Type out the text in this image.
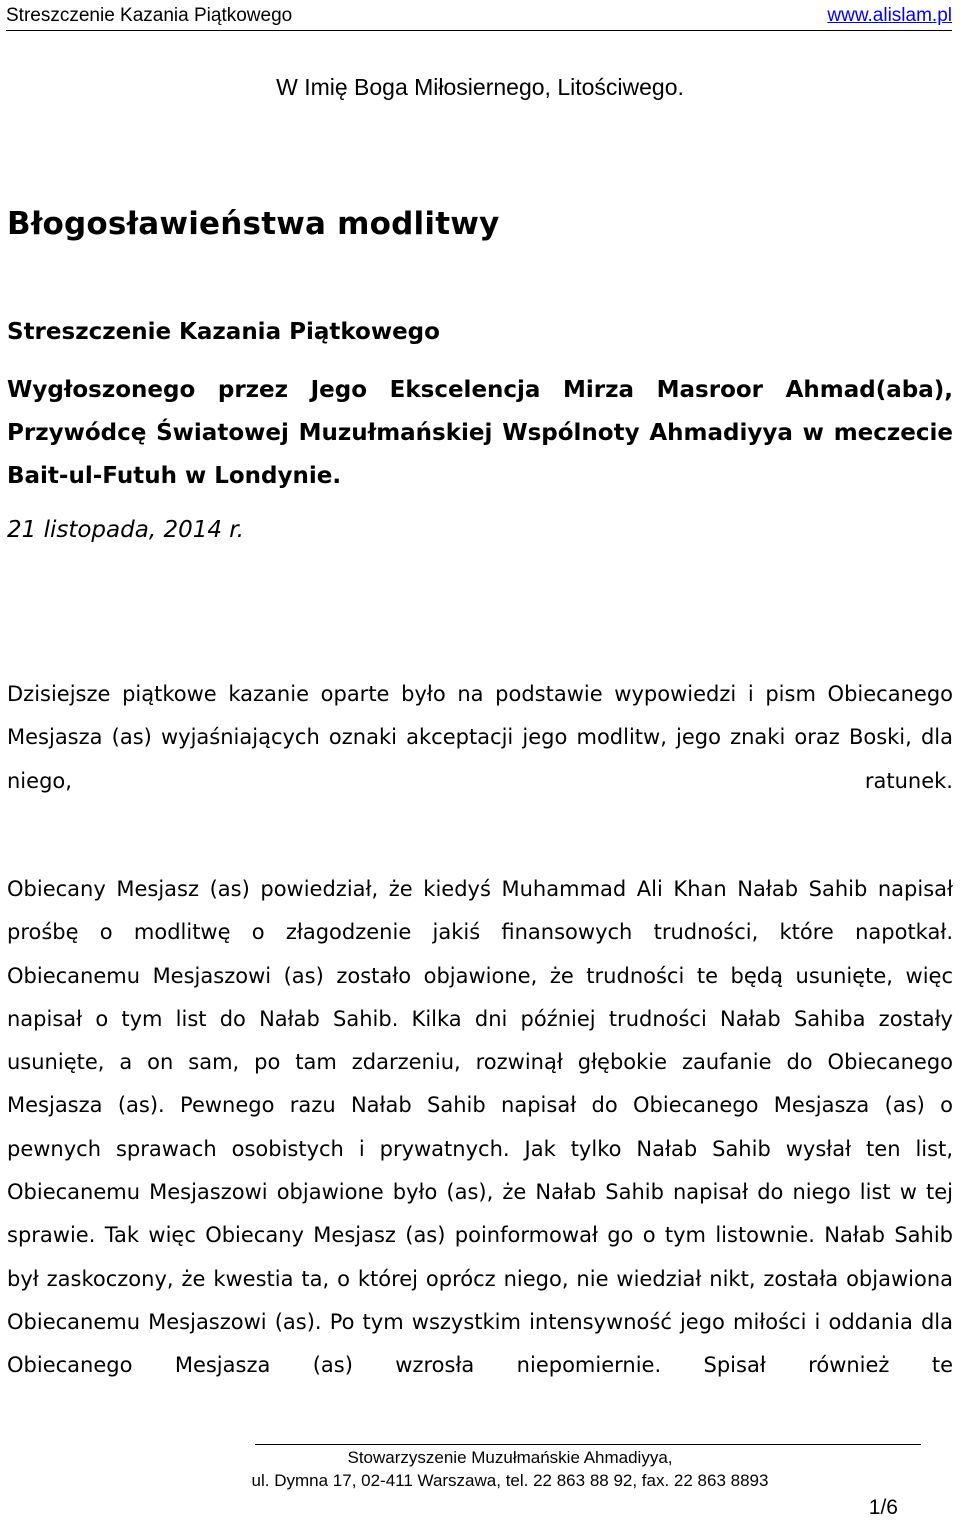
Streszczenie Kazania Piątkowego	www.alislam.pl
W Imię Boga Miłosiernego, Litościwego.
Błogosławieństwa modlitwy
Streszczenie Kazania Piątkowego
Wygłoszonego przez Jego Ekscelencja Mirza Masroor Ahmad(aba), Przywódcę Światowej Muzułmańskiej Wspólnoty Ahmadiyya w meczecie Bait-ul-Futuh w Londynie.
21 listopada, 2014 r.
Dzisiejsze piątkowe kazanie oparte było na podstawie wypowiedzi i pism Obiecanego Mesjasza (as) wyjaśniających oznaki akceptacji jego modlitw, jego znaki oraz Boski, dla niego, ratunek.
Obiecany Mesjasz (as) powiedział, że kiedyś Muhammad Ali Khan Nałab Sahib napisał prośbę o modlitwę o złagodzenie jakiś finansowych trudności, które napotkał. Obiecanemu Mesjaszowi (as) zostało objawione, że trudności te będą usunięte, więc napisał o tym list do Nałab Sahib. Kilka dni później trudności Nałab Sahiba zostały usunięte, a on sam, po tam zdarzeniu, rozwinął głębokie zaufanie do Obiecanego Mesjasza (as). Pewnego razu Nałab Sahib napisał do Obiecanego Mesjasza (as) o pewnych sprawach osobistych i prywatnych. Jak tylko Nałab Sahib wysłał ten list, Obiecanemu Mesjaszowi objawione było (as), że Nałab Sahib napisał do niego list w tej sprawie. Tak więc Obiecany Mesjasz (as) poinformował go o tym listownie. Nałab Sahib był zaskoczony, że kwestia ta, o której oprócz niego, nie wiedział nikt, została objawiona Obiecanemu Mesjaszowi (as). Po tym wszystkim intensywność jego miłości i oddania dla Obiecanego Mesjasza (as) wzrosła niepomiernie. Spisał również te
Stowarzyszenie Muzułmańskie Ahmadiyya,
ul. Dymna 17, 02-411 Warszawa, tel. 22 863 88 92, fax. 22 863 8893
1/6
